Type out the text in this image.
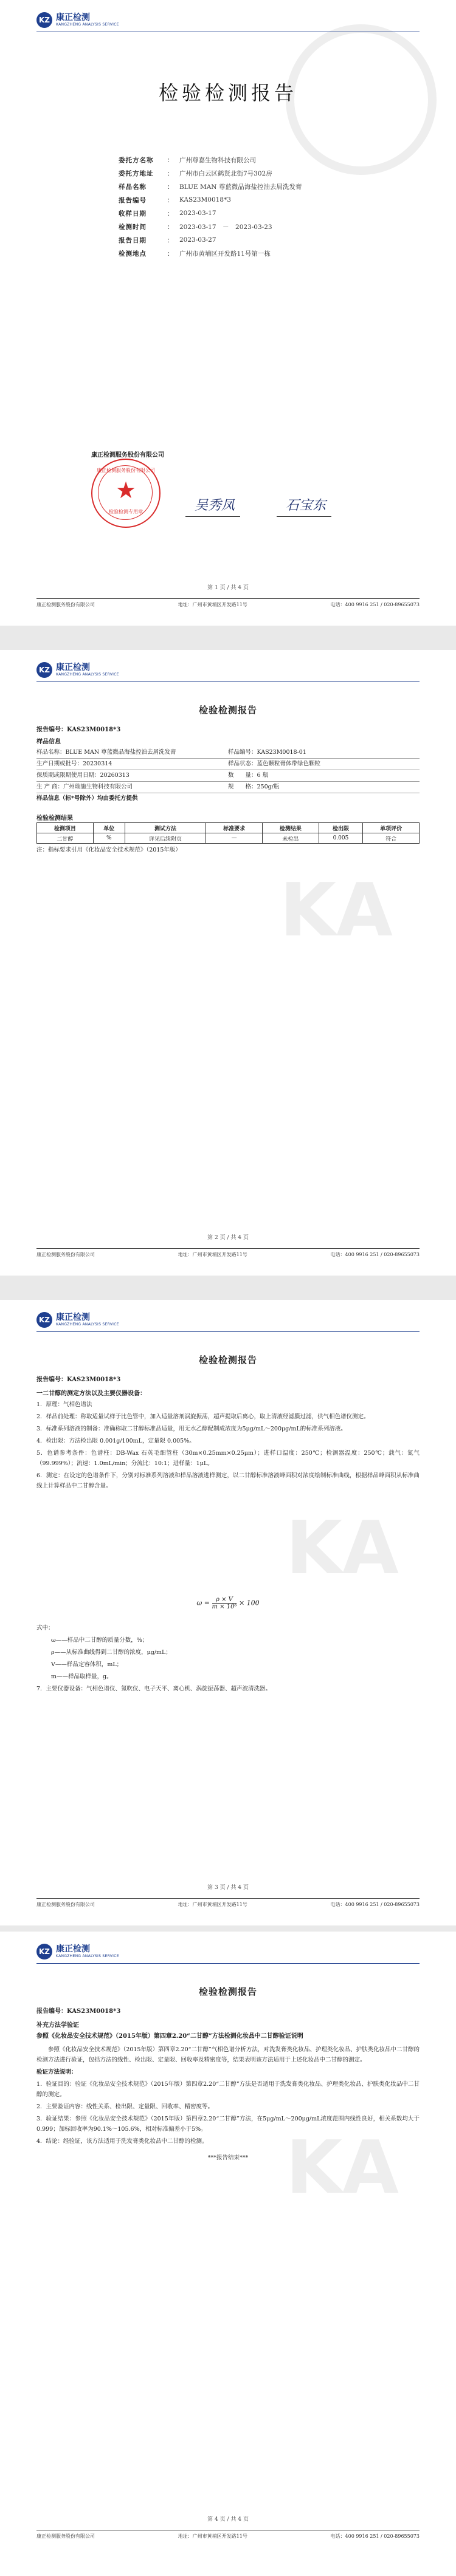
KZ 康正检测
KANGZHENG ANALYSIS SERVICE
检验检测报告
委托方名称	： 广州尊嘉生物科技有限公司
委托方地址	： 广州市白云区鹤贤北街7号302房
样品名称	： BLUE MAN 尊蓝微晶海盐控油去屑洗发膏
报告编号	： KAS23M0018*3
收样日期	： 2023-03-17
检测时间	： 2023-03-17　－　2023-03-23
报告日期	： 2023-03-27
检测地点	： 广州市黄埔区开发路11号第一栋
康正检测服务股份有限公司
康正检测服务股份有限公司
★
检验检测专用章	吴秀凤	石宝东
第 1 页 / 共 4 页
康正检测服务股份有限公司	地址：广州市黄埔区开发路11号	电话：400 9916 251 / 020-89655073
KA
KZ 康正检测
KANGZHENG ANALYSIS SERVICE
检验检测报告
报告编号：KAS23M0018*3
样品信息
样品名称：BLUE MAN 尊蓝微晶海盐控油去屑洗发膏	样品编号：KAS23M0018-01
生产日期或批号：20230314	样品状态：蓝色颗粒膏体带绿色颗粒
保质期或限期使用日期：20260313	数　　量：6 瓶
生 产 商：广州瑞施生物科技有限公司	规　　格：250g/瓶
样品信息（标*号除外）均由委托方提供
检验检测结果
检测项目	单位	测试方法	标准要求	检测结果	检出限	单项评价
二甘醇	%	详见后续附页	—	未检出	0.005	符合
注：指标要求引用《化妆品安全技术规范》（2015年版）
第 2 页 / 共 4 页
康正检测服务股份有限公司	地址：广州市黄埔区开发路11号	电话：400 9916 251 / 020-89655073
KA
KZ 康正检测
KANGZHENG ANALYSIS SERVICE
检验检测报告
报告编号：KAS23M0018*3
一二甘醇的测定方法以及主要仪器设备：

1．原理：气相色谱法

2．样品前处理：称取适量试样于比色管中，加入适量溶剂涡旋振荡，超声提取后离心，取上清液经滤膜过滤，供气相色谱仪测定。

3．标准系列溶液的制备：准确称取二甘醇标准品适量，用无水乙醇配制成浓度为5μg/mL～200μg/mL的标准系列溶液。

4．检出限：方法检出限 0.001g/100mL，定量限 0.005%。

5．色谱参考条件：色谱柱：DB-Wax 石英毛细管柱（30m×0.25mm×0.25μm）；进样口温度：250℃；检测器温度：250℃；载气：氮气（99.999%）；流速：1.0mL/min；分流比：10:1；进样量：1μL。

6．测定：在设定的色谱条件下，分别对标准系列溶液和样品溶液进样测定，以二甘醇标准溶液峰面积对浓度绘制标准曲线，根据样品峰面积从标准曲线上计算样品中二甘醇含量。

$\omega = \frac{\rho \times V}{\text{m × 10⁶}} \times 100$

式中：

ω——样品中二甘醇的质量分数，%；

ρ——从标准曲线得到二甘醇的浓度，μg/mL；

V——样品定容体积，mL；

m——样品取样量，g。

7．主要仪器设备：气相色谱仪、氮吹仪、电子天平、离心机、涡旋振荡器、超声波清洗器。

第 3 页 / 共 4 页
康正检测服务股份有限公司	地址：广州市黄埔区开发路11号	电话：400 9916 251 / 020-89655073
KA
KZ 康正检测
KANGZHENG ANALYSIS SERVICE
检验检测报告
报告编号：KAS23M0018*3
补充方法学验证
参照《化妆品安全技术规范》（2015年版）第四章2.20“二甘醇”方法检测化妆品中二甘醇验证说明

参照《化妆品安全技术规范》（2015年版）第四章2.20“二甘醇”气相色谱分析方法，对洗发膏类化妆品、护理类化妆品、护肤类化妆品中二甘醇的检测方法进行验证，包括方法的线性、检出限、定量限、回收率及精密度等，结果表明该方法适用于上述化妆品中二甘醇的测定。

验证方法说明：

1．验证目的：验证《化妆品安全技术规范》（2015年版）第四章2.20“二甘醇”方法是否适用于洗发膏类化妆品、护理类化妆品、护肤类化妆品中二甘醇的测定。

2．主要验证内容：线性关系、检出限、定量限、回收率、精密度等。

3．验证结果：参照《化妆品安全技术规范》（2015年版）第四章2.20“二甘醇”方法，在5μg/mL～200μg/mL浓度范围内线性良好，相关系数均大于0.999；加标回收率为90.1%～105.6%，相对标准偏差小于5%。

4．结论：经验证，该方法适用于洗发膏类化妆品中二甘醇的检测。

***报告结束***

第 4 页 / 共 4 页
康正检测服务股份有限公司	地址：广州市黄埔区开发路11号	电话：400 9916 251 / 020-89655073
